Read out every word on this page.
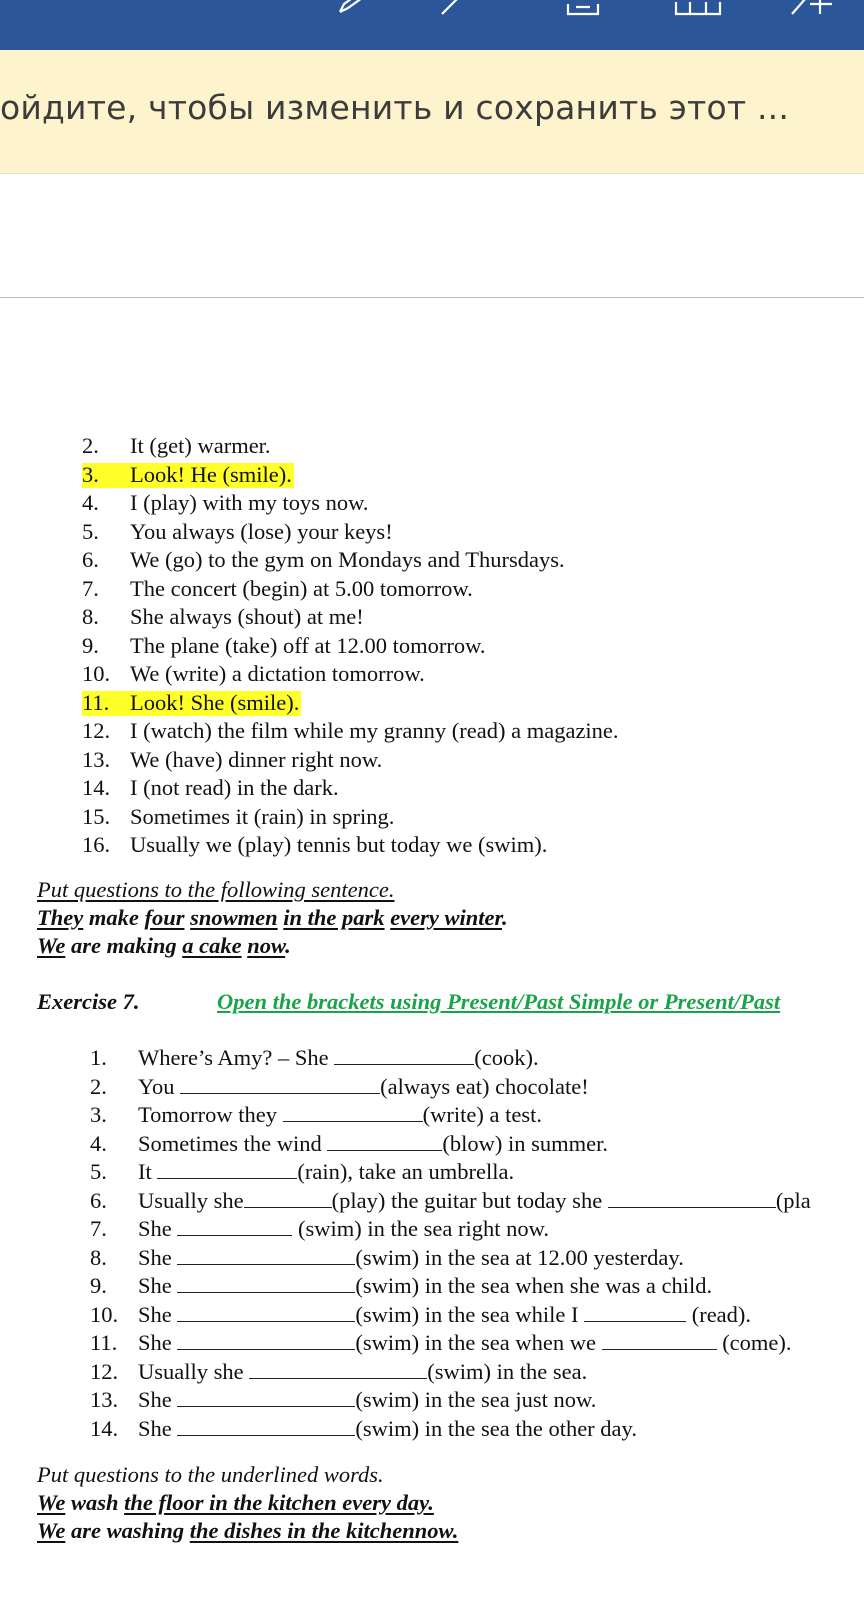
ойдите, чтобы изменить и сохранить этот ...
2. It (get) warmer.
3. Look! He (smile).
4. I (play) with my toys now.
5. You always (lose) your keys!
6. We (go) to the gym on Mondays and Thursdays.
7. The concert (begin) at 5.00 tomorrow.
8. She always (shout) at me!
9. The plane (take) off at 12.00 tomorrow.
10. We (write) a dictation tomorrow.
11. Look! She (smile).
12. I (watch) the film while my granny (read) a magazine.
13. We (have) dinner right now.
14. I (not read) in the dark.
15. Sometimes it (rain) in spring.
16. Usually we (play) tennis but today we (swim).
Put questions to the following sentence.
They make four snowmen in the park every winter.
We are making a cake now.
Exercise 7.	Open the brackets using Present/Past Simple or Present/Past
1. Where’s Amy? – She	(cook).
2. You	(always eat) chocolate!
3. Tomorrow they	(write) a test.
4. Sometimes the wind	(blow) in summer.
5. It	(rain), take an umbrella.
6. Usually she	(play) the guitar but today she	(pla
7. She	(swim) in the sea right now.
8. She	(swim) in the sea at 12.00 yesterday.
9. She	(swim) in the sea when she was a child.
10. She	(swim) in the sea while I	(read).
11. She	(swim) in the sea when we	(come).
12. Usually she	(swim) in the sea.
13. She	(swim) in the sea just now.
14. She	(swim) in the sea the other day.
Put questions to the underlined words.
We wash the floor in the kitchen every day.
We are washing the dishes in the kitchennow.
